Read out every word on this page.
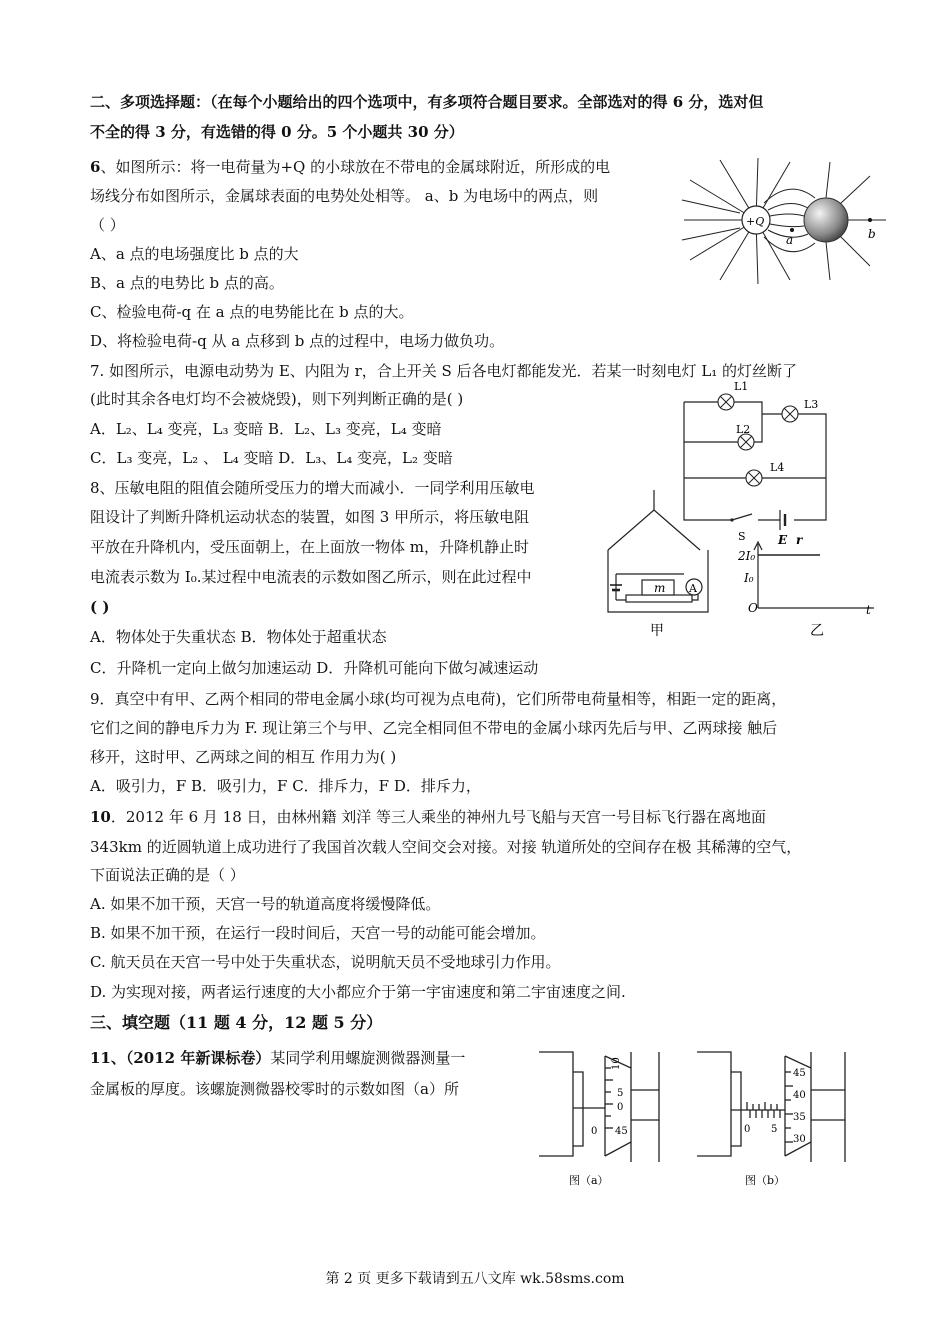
二、多项选择题：（在每个小题给出的四个选项中，有多项符合题目要求。全部选对的得 6 分，选对但
不全的得 3 分，有选错的得 0 分。5 个小题共 30 分）
6、如图所示：将一电荷量为+Q 的小球放在不带电的金属球附近，所形成的电
场线分布如图所示，金属球表面的电势处处相等。 a、b 为电场中的两点，则
（ ）
A、a 点的电场强度比 b 点的大
B、a 点的电势比 b 点的高。
C、检验电荷-q 在 a 点的电势能比在 b 点的大。
D、将检验电荷-q 从 a 点移到 b 点的过程中，电场力做负功。
+Q
a	b
7. 如图所示，电源电动势为 E、内阻为 r，合上开关 S 后各电灯都能发光．若某一时刻电灯 L₁ 的灯丝断了
(此时其余各电灯均不会被烧毁)，则下列判断正确的是( )
A．L₂、L₄ 变亮，L₃ 变暗 B．L₂、L₃ 变亮，L₄ 变暗
C．L₃ 变亮，L₂ 、 L₄ 变暗 D．L₃、L₄ 变亮，L₂ 变暗
L1
L2
L3
L4
S	E r
8、压敏电阻的阻值会随所受压力的增大而减小．一同学利用压敏电
阻设计了判断升降机运动状态的装置，如图 3 甲所示，将压敏电阻
平放在升降机内，受压面朝上，在上面放一物体 m，升降机静止时
电流表示数为 I₀.某过程中电流表的示数如图乙所示，则在此过程中
( )
A．物体处于失重状态 B．物体处于超重状态
C．升降机一定向上做匀加速运动 D．升降机可能向下做匀减速运动
m A
甲
2I₀
I₀
O	t
乙
9．真空中有甲、乙两个相同的带电金属小球(均可视为点电荷)，它们所带电荷量相等，相距一定的距离，
它们之间的静电斥力为 F. 现让第三个与甲、乙完全相同但不带电的金属小球丙先后与甲、乙两球接 触后
移开，这时甲、乙两球之间的相互 作用力为( )
A．吸引力，F B．吸引力，F C．排斥力，F D．排斥力，
10．2012 年 6 月 18 日，由林州籍 刘洋 等三人乘坐的神州九号飞船与天宫一号目标飞行器在离地面
343km 的近圆轨道上成功进行了我国首次载人空间交会对接。对接 轨道所处的空间存在极 其稀薄的空气，
下面说法正确的是（ ）
A. 如果不加干预，天宫一号的轨道高度将缓慢降低。
B. 如果不加干预，在运行一段时间后，天宫一号的动能可能会增加。
C. 航天员在天宫一号中处于失重状态，说明航天员不受地球引力作用。
D. 为实现对接，两者运行速度的大小都应介于第一宇宙速度和第二宇宙速度之间.
三、填空题（11 题 4 分，12 题 5 分）
11、（2012 年新课标卷）某同学利用螺旋测微器测量一
金属板的厚度。该螺旋测微器校零时的示数如图（a）所
10
5
0
45
0
图（a）
45
40
35
30
0 5
图（b）
第 2 页 更多下载请到五八文库 wk.58sms.com
